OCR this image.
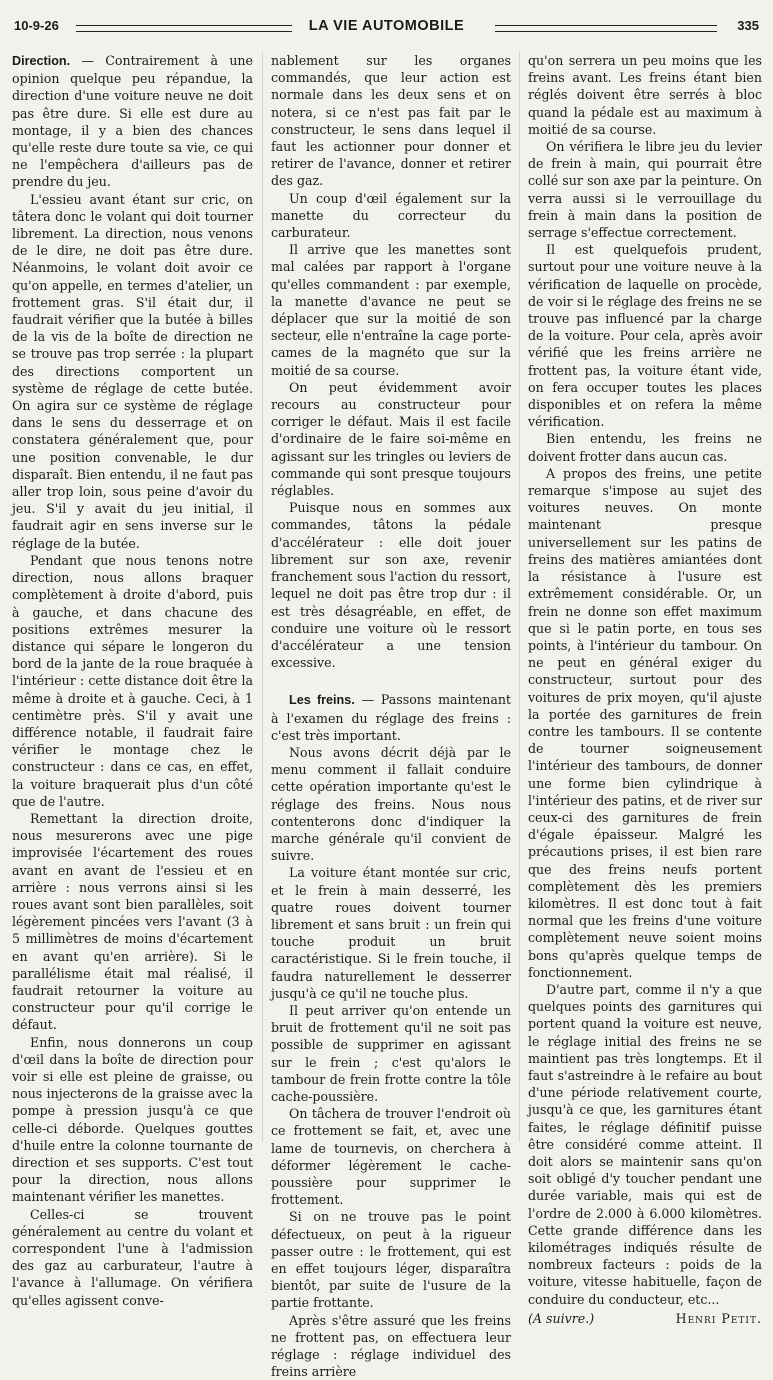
10-9-26	LA VIE AUTOMOBILE	335

Direction. — Contrairement à une opinion quelque peu répandue, la direction d'une voiture neuve ne doit pas être dure. Si elle est dure au montage, il y a bien des chances qu'elle reste dure toute sa vie, ce qui ne l'empêchera d'ailleurs pas de prendre du jeu.

L'essieu avant étant sur cric, on tâtera donc le volant qui doit tourner librement. La direction, nous venons de le dire, ne doit pas être dure. Néanmoins, le volant doit avoir ce qu'on appelle, en termes d'atelier, un frottement gras. S'il était dur, il faudrait vérifier que la butée à billes de la vis de la boîte de direction ne se trouve pas trop serrée : la plupart des directions comportent un système de réglage de cette butée. On agira sur ce système de réglage dans le sens du desserrage et on constatera généralement que, pour une position convenable, le dur disparaît. Bien entendu, il ne faut pas aller trop loin, sous peine d'avoir du jeu. S'il y avait du jeu initial, il faudrait agir en sens inverse sur le réglage de la butée.

Pendant que nous tenons notre direction, nous allons braquer complètement à droite d'abord, puis à gauche, et dans chacune des positions extrêmes mesurer la distance qui sépare le longeron du bord de la jante de la roue braquée à l'intérieur : cette distance doit être la même à droite et à gauche. Ceci, à 1 centimètre près. S'il y avait une différence notable, il faudrait faire vérifier le montage chez le constructeur : dans ce cas, en effet, la voiture braquerait plus d'un côté que de l'autre.

Remettant la direction droite, nous mesurerons avec une pige improvisée l'écartement des roues avant en avant de l'essieu et en arrière : nous verrons ainsi si les roues avant sont bien parallèles, soit légèrement pincées vers l'avant (3 à 5 millimètres de moins d'écartement en avant qu'en arrière). Si le parallélisme était mal réalisé, il faudrait retourner la voiture au constructeur pour qu'il corrige le défaut.

Enfin, nous donnerons un coup d'œil dans la boîte de direction pour voir si elle est pleine de graisse, ou nous injecterons de la graisse avec la pompe à pression jusqu'à ce que celle-ci déborde. Quelques gouttes d'huile entre la colonne tournante de direction et ses supports. C'est tout pour la direction, nous allons maintenant vérifier les manettes.

Celles-ci se trouvent généralement au centre du volant et correspondent l'une à l'admission des gaz au carburateur, l'autre à l'avance à l'allumage. On vérifiera qu'elles agissent conve-

nablement sur les organes commandés, que leur action est normale dans les deux sens et on notera, si ce n'est pas fait par le constructeur, le sens dans lequel il faut les actionner pour donner et retirer de l'avance, donner et retirer des gaz.

Un coup d'œil également sur la manette du correcteur du carburateur.

Il arrive que les manettes sont mal calées par rapport à l'organe qu'elles commandent : par exemple, la manette d'avance ne peut se déplacer que sur la moitié de son secteur, elle n'entraîne la cage porte-cames de la magnéto que sur la moitié de sa course.

On peut évidemment avoir recours au constructeur pour corriger le défaut. Mais il est facile d'ordinaire de le faire soi-même en agissant sur les tringles ou leviers de commande qui sont presque toujours réglables.

Puisque nous en sommes aux commandes, tâtons la pédale d'accélérateur : elle doit jouer librement sur son axe, revenir franchement sous l'action du ressort, lequel ne doit pas être trop dur : il est très désagréable, en effet, de conduire une voiture où le ressort d'accélérateur a une tension excessive.

Les freins. — Passons maintenant à l'examen du réglage des freins : c'est très important.

Nous avons décrit déjà par le menu comment il fallait conduire cette opération importante qu'est le réglage des freins. Nous nous contenterons donc d'indiquer la marche générale qu'il convient de suivre.

La voiture étant montée sur cric, et le frein à main desserré, les quatre roues doivent tourner librement et sans bruit : un frein qui touche produit un bruit caractéristique. Si le frein touche, il faudra naturellement le desserrer jusqu'à ce qu'il ne touche plus.

Il peut arriver qu'on entende un bruit de frottement qu'il ne soit pas possible de supprimer en agissant sur le frein ; c'est qu'alors le tambour de frein frotte contre la tôle cache-poussière.

On tâchera de trouver l'endroit où ce frottement se fait, et, avec une lame de tournevis, on cherchera à déformer légèrement le cache-poussière pour supprimer le frottement.

Si on ne trouve pas le point défectueux, on peut à la rigueur passer outre : le frottement, qui est en effet toujours léger, disparaîtra bientôt, par suite de l'usure de la partie frottante.

Après s'être assuré que les freins ne frottent pas, on effectuera leur réglage : réglage individuel des freins arrière

qu'on serrera un peu moins que les freins avant. Les freins étant bien réglés doivent être serrés à bloc quand la pédale est au maximum à moitié de sa course.

On vérifiera le libre jeu du levier de frein à main, qui pourrait être collé sur son axe par la peinture. On verra aussi si le verrouillage du frein à main dans la position de serrage s'effectue correctement.

Il est quelquefois prudent, surtout pour une voiture neuve à la vérification de laquelle on procède, de voir si le réglage des freins ne se trouve pas influencé par la charge de la voiture. Pour cela, après avoir vérifié que les freins arrière ne frottent pas, la voiture étant vide, on fera occuper toutes les places disponibles et on refera la même vérification.

Bien entendu, les freins ne doivent frotter dans aucun cas.

A propos des freins, une petite remarque s'impose au sujet des voitures neuves. On monte maintenant presque universellement sur les patins de freins des matières amiantées dont la résistance à l'usure est extrêmement considérable. Or, un frein ne donne son effet maximum que si le patin porte, en tous ses points, à l'intérieur du tambour. On ne peut en général exiger du constructeur, surtout pour des voitures de prix moyen, qu'il ajuste la portée des garnitures de frein contre les tambours. Il se contente de tourner soigneusement l'intérieur des tambours, de donner une forme bien cylindrique à l'intérieur des patins, et de river sur ceux-ci des garnitures de frein d'égale épaisseur. Malgré les précautions prises, il est bien rare que des freins neufs portent complètement dès les premiers kilomètres. Il est donc tout à fait normal que les freins d'une voiture complètement neuve soient moins bons qu'après quelque temps de fonctionnement.

D'autre part, comme il n'y a que quelques points des garnitures qui portent quand la voiture est neuve, le réglage initial des freins ne se maintient pas très longtemps. Et il faut s'astreindre à le refaire au bout d'une période relativement courte, jusqu'à ce que, les garnitures étant faites, le réglage définitif puisse être considéré comme atteint. Il doit alors se maintenir sans qu'on soit obligé d'y toucher pendant une durée variable, mais qui est de l'ordre de 2.000 à 6.000 kilomètres. Cette grande différence dans les kilométrages indiqués résulte de nombreux facteurs : poids de la voiture, vitesse habituelle, façon de conduire du conducteur, etc...

(A suivre.)	Henri Petit.
